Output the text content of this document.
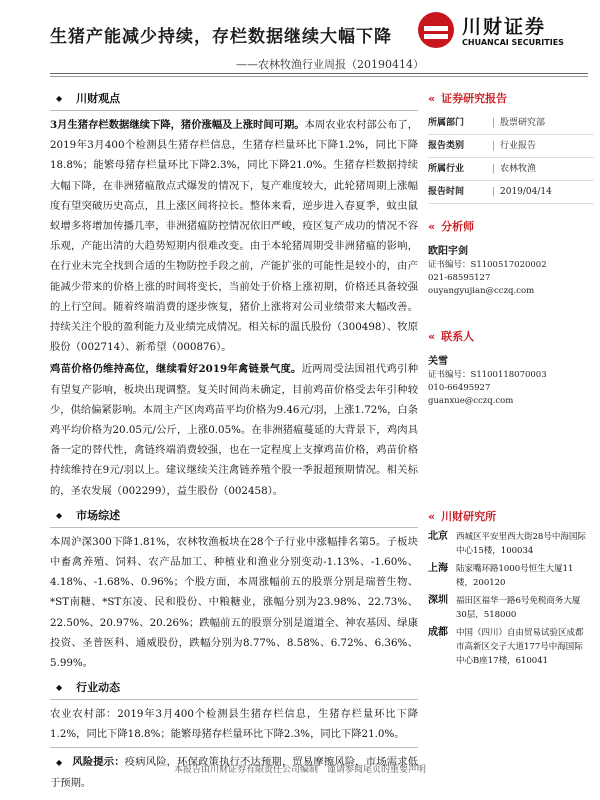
生猪产能减少持续，存栏数据继续大幅下降
——农林牧渔行业周报（20190414）
川财证券
CHUANCAI SECURITIES
◆ 川财观点

3月生猪存栏数据继续下降，猪价涨幅及上涨时间可期。本周农业农村部公布了，2019年3月400个检测县生猪存栏信息，生猪存栏量环比下降1.2%，同比下降18.8%；能繁母猪存栏量环比下降2.3%，同比下降21.0%。生猪存栏数据持续大幅下降，在非洲猪瘟散点式爆发的情况下，复产难度较大，此轮猪周期上涨幅度有望突破历史高点，且上涨区间将拉长。整体来看，逆步进入春夏季，蚊虫鼠蚁增多将增加传播几率，非洲猪瘟防控情况依旧严峻，疫区复产成功的情况不容乐观，产能出清的大趋势短期内很难改变。由于本轮猪周期受非洲猪瘟的影响，在行业未完全找到合适的生物防控手段之前，产能扩张的可能性是较小的，由产能减少带来的价格上涨的时间将变长，当前处于价格上涨初期，价格还具备较强的上行空间。随着终端消费的逐步恢复，猪价上涨将对公司业绩带来大幅改善。持续关注个股的盈利能力及业绩完成情况。相关标的温氏股份（300498）、牧原股份（002714）、新希望（000876）。

鸡苗价格仍维持高位，继续看好2019年禽链景气度。近两周受法国祖代鸡引种有望复产影响，板块出现调整。复关时间尚未确定，目前鸡苗价格受去年引种较少，供给偏紧影响。本周主产区肉鸡苗平均价格为9.46元/羽，上涨1.72%，白条鸡平均价格为20.05元/公斤，上涨0.05%。在非洲猪瘟蔓延的大背景下，鸡肉具备一定的替代性，禽链终端消费较强，也在一定程度上支撑鸡苗价格，鸡苗价格持续维持在9元/羽以上。建议继续关注禽链养殖个股一季报超预期情况。相关标的，圣农发展（002299），益生股份（002458）。

◆ 市场综述

本周沪深300下降1.81%，农林牧渔板块在28个子行业中涨幅排名第5。子板块中畜禽养殖、饲料、农产品加工、种植业和渔业分别变动-1.13%、-1.60%、4.18%、-1.68%、0.96%；个股方面，本周涨幅前五的股票分别是瑞普生物、*ST南糖、*ST东凌、民和股份、中粮糖业，涨幅分别为23.98%、22.73%、22.50%、20.97%、20.26%；跌幅前五的股票分别是道道全、神农基因、绿康投资、圣普医科、通威股份，跌幅分别为8.77%、8.58%、6.72%、6.36%、5.99%。

◆ 行业动态

农业农村部：2019年3月400个检测县生猪存栏信息，生猪存栏量环比下降1.2%，同比下降18.8%；能繁母猪存栏量环比下降2.3%，同比下降21.0%。

◆ 风险提示：疫病风险，环保政策执行不达预期，贸易摩擦风险，市场需求低于预期。

« 证券研究报告
所属部门	| 股票研究部
报告类别	| 行业报告
所属行业	| 农林牧渔
报告时间	| 2019/04/14
« 分析师
欧阳宇剑
证书编号：S1100517020002
021-68595127
ouyangyujian@cczq.com
« 联系人
关雪
证书编号：S1100118070003
010-66495927
guanxue@cczq.com
« 川财研究所
北京 西城区平安里西大街28号中海国际中心15楼，100034
上海 陆家嘴环路1000号恒生大厦11楼，200120
深圳 福田区福华一路6号免税商务大厦30层，518000
成都 中国（四川）自由贸易试验区成都市高新区交子大道177号中海国际中心B座17楼，610041
本报告由川财证券有限责任公司编制　谨请参阅尾页的重要声明
